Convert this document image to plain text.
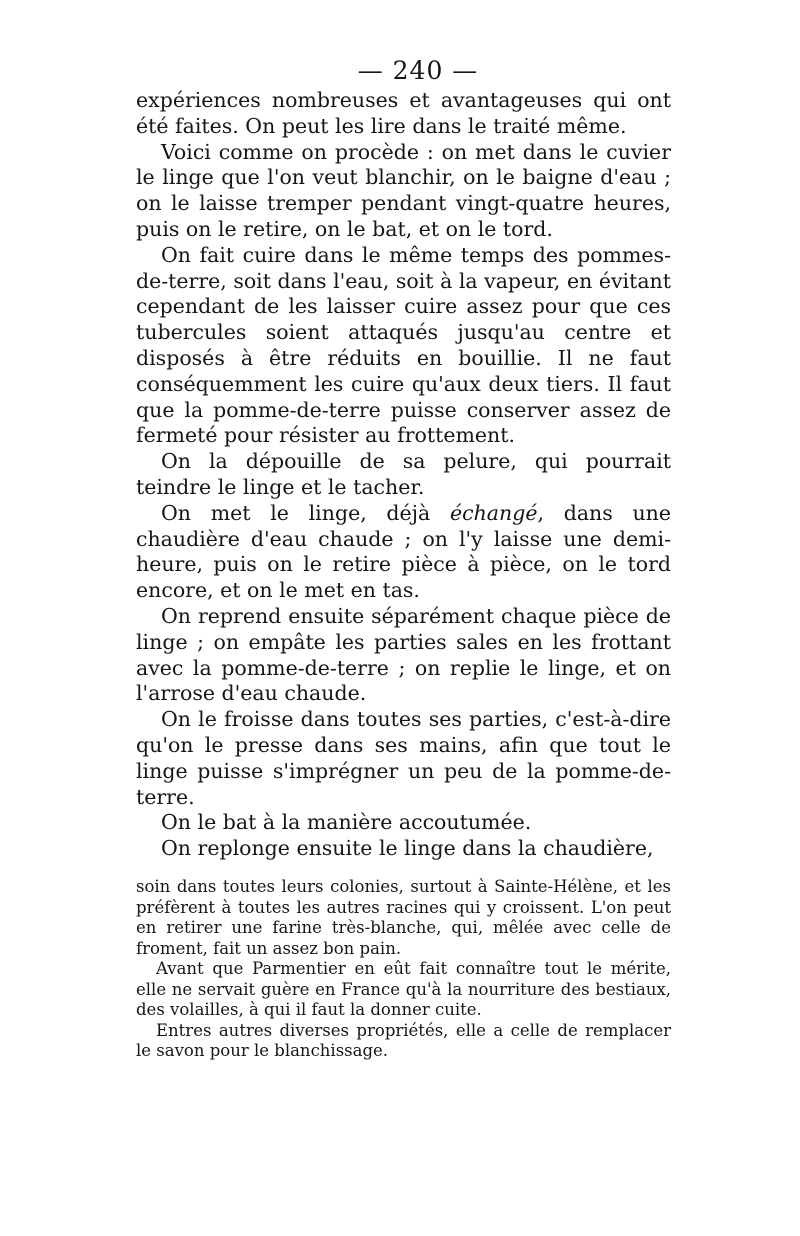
— 240 —

expériences nombreuses et avantageuses qui ont été faites. On peut les lire dans le traité même.

Voici comme on procède : on met dans le cuvier le linge que l'on veut blanchir, on le baigne d'eau ; on le laisse tremper pendant vingt-quatre heures, puis on le retire, on le bat, et on le tord.

On fait cuire dans le même temps des pommes-de-terre, soit dans l'eau, soit à la vapeur, en évitant cependant de les laisser cuire assez pour que ces tubercules soient attaqués jusqu'au centre et disposés à être réduits en bouillie. Il ne faut conséquemment les cuire qu'aux deux tiers. Il faut que la pomme-de-terre puisse conserver assez de fermeté pour résister au frottement.

On la dépouille de sa pelure, qui pourrait teindre le linge et le tacher.

On met le linge, déjà échangé, dans une chaudière d'eau chaude ; on l'y laisse une demi-heure, puis on le retire pièce à pièce, on le tord encore, et on le met en tas.

On reprend ensuite séparément chaque pièce de linge ; on empâte les parties sales en les frottant avec la pomme-de-terre ; on replie le linge, et on l'arrose d'eau chaude.

On le froisse dans toutes ses parties, c'est-à-dire qu'on le presse dans ses mains, afin que tout le linge puisse s'imprégner un peu de la pomme-de-terre.

On le bat à la manière accoutumée.

On replonge ensuite le linge dans la chaudière,

soin dans toutes leurs colonies, surtout à Sainte-Hélène, et les préfèrent à toutes les autres racines qui y croissent. L'on peut en retirer une farine très-blanche, qui, mêlée avec celle de froment, fait un assez bon pain.

Avant que Parmentier en eût fait connaître tout le mérite, elle ne servait guère en France qu'à la nourriture des bestiaux, des volailles, à qui il faut la donner cuite.

Entres autres diverses propriétés, elle a celle de remplacer le savon pour le blanchissage.
